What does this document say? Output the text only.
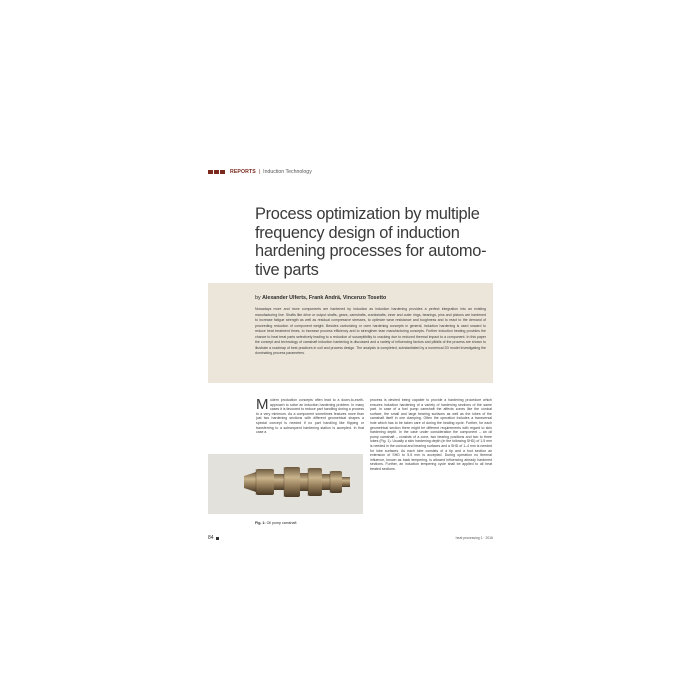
REPORTS | Induction Technology
Process optimization by multiple frequency design of induction hardening processes for automo-tive parts
by Alexander Ulferts, Frank Andrä, Vincenzo Tosetto

Nowadays more and more components are hardened by induction as induction hardening provides a perfect integration into an existing manufacturing line. Shafts like drive or output shafts, gears, camshafts, crankshafts, inner and outer rings, bearings, pins and pistons are hardened to increase fatigue strength as well as residual compressive stresses, to optimize wear resistance and toughness and to react to the demand of proceeding reduction of component weight. Besides carburizing or oven hardening concepts in general, induction hardening is used onward to reduce heat treatment times, to increase process efficiency and to strengthen lean manufacturing concepts. Further induction heating provides the chance to heat treat parts selectively leading to a reduction of susceptibility to cracking due to reduced thermal impact to a component. In this paper the concept and technology of camshaft induction hardening is discussed and a variety of influencing factors and pitfalls of the process are shown to illustrate a roadmap of best practices in coil and process design. The analysis is completed, substantiated by a numerical 2D model investigating the dominating process parameters.

M odern production concepts often lead to a down-to-earth-approach to solve an induction hardening problem. In many cases it is favoured to reduce part handling during a process to a very minimum. As a component sometimes features more than just two hardening sections with different geometrical shapes a special concept is needed if no part handling like flipping or transferring to a subsequent hardening station is accepted. In that case a
process is desired being capable to provide a hardening procedure which ensures induction hardening of a variety of hardening sections of the same part. In case of a fuel pump camshaft the affects zones like the conical surface, the small and large bearing surfaces as well as the lobes of the camshaft itself in one clamping. Often the operation includes a transversal hole which has to be taken care of during the heating cycle. Further, for each geometrical section there might be different requirements with regard to skin hardening depth. In the case under consideration the component – an oil pump camshaft – consists of a cone, two bearing positions and two to three lobes (Fig. 1). Usually a skin hardening depth (in the following SHD) of 1.5 mm is needed in the conical and bearing surfaces and a SHD of 1–4 mm is needed for lobe surfaces. As each lobe consists of a tip and a foot section an extension of SHD to 5.5 mm is accepted. During operation no thermal influence, known as back tempering, is allowed influencing already hardened sections. Further, an induction tempering cycle shall be applied to all heat treated sections.
Fig. 1: Oil pump camshaft
84	heat processing 1 · 2016
